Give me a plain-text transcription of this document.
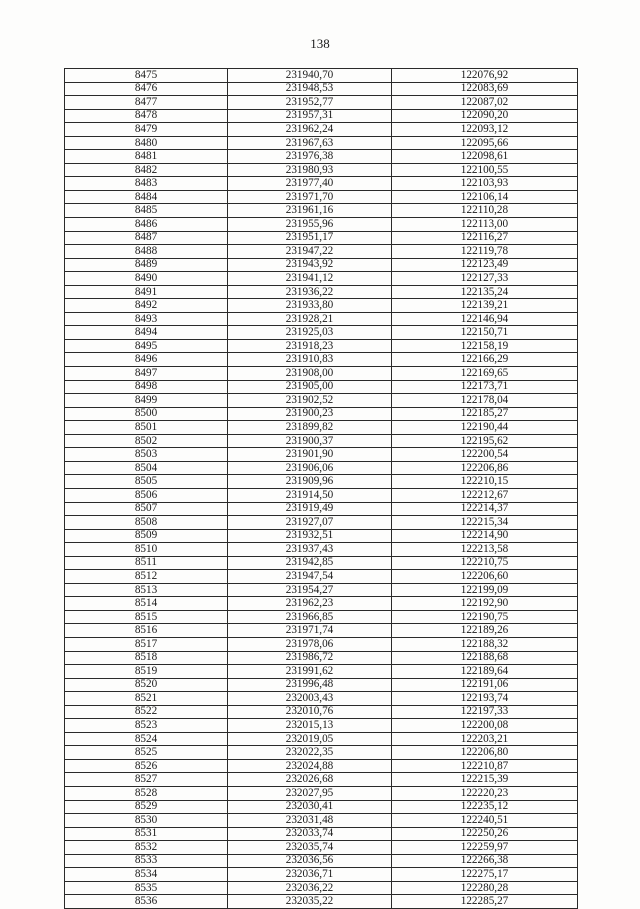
138
8475	231940,70	122076,92
8476	231948,53	122083,69
8477	231952,77	122087,02
8478	231957,31	122090,20
8479	231962,24	122093,12
8480	231967,63	122095,66
8481	231976,38	122098,61
8482	231980,93	122100,55
8483	231977,40	122103,93
8484	231971,70	122106,14
8485	231961,16	122110,28
8486	231955,96	122113,00
8487	231951,17	122116,27
8488	231947,22	122119,78
8489	231943,92	122123,49
8490	231941,12	122127,33
8491	231936,22	122135,24
8492	231933,80	122139,21
8493	231928,21	122146,94
8494	231925,03	122150,71
8495	231918,23	122158,19
8496	231910,83	122166,29
8497	231908,00	122169,65
8498	231905,00	122173,71
8499	231902,52	122178,04
8500	231900,23	122185,27
8501	231899,82	122190,44
8502	231900,37	122195,62
8503	231901,90	122200,54
8504	231906,06	122206,86
8505	231909,96	122210,15
8506	231914,50	122212,67
8507	231919,49	122214,37
8508	231927,07	122215,34
8509	231932,51	122214,90
8510	231937,43	122213,58
8511	231942,85	122210,75
8512	231947,54	122206,60
8513	231954,27	122199,09
8514	231962,23	122192,90
8515	231966,85	122190,75
8516	231971,74	122189,26
8517	231978,06	122188,32
8518	231986,72	122188,68
8519	231991,62	122189,64
8520	231996,48	122191,06
8521	232003,43	122193,74
8522	232010,76	122197,33
8523	232015,13	122200,08
8524	232019,05	122203,21
8525	232022,35	122206,80
8526	232024,88	122210,87
8527	232026,68	122215,39
8528	232027,95	122220,23
8529	232030,41	122235,12
8530	232031,48	122240,51
8531	232033,74	122250,26
8532	232035,74	122259,97
8533	232036,56	122266,38
8534	232036,71	122275,17
8535	232036,22	122280,28
8536	232035,22	122285,27
